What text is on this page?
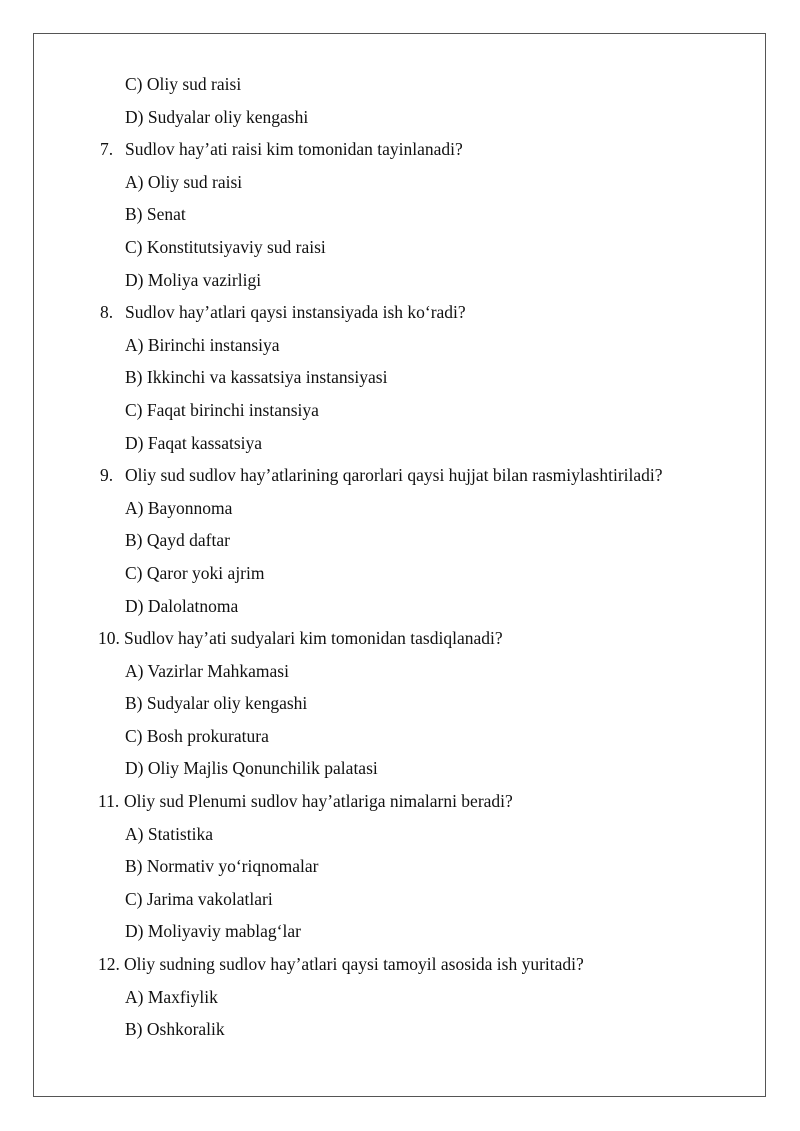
C) Oliy sud raisi
D) Sudyalar oliy kengashi
7. Sudlov hay’ati raisi kim tomonidan tayinlanadi?
A) Oliy sud raisi
B) Senat
C) Konstitutsiyaviy sud raisi
D) Moliya vazirligi
8. Sudlov hay’atlari qaysi instansiyada ish ko‘radi?
A) Birinchi instansiya
B) Ikkinchi va kassatsiya instansiyasi
C) Faqat birinchi instansiya
D) Faqat kassatsiya
9. Oliy sud sudlov hay’atlarining qarorlari qaysi hujjat bilan rasmiylashtiriladi?
A) Bayonnoma
B) Qayd daftar
C) Qaror yoki ajrim
D) Dalolatnoma
10. Sudlov hay’ati sudyalari kim tomonidan tasdiqlanadi?
A) Vazirlar Mahkamasi
B) Sudyalar oliy kengashi
C) Bosh prokuratura
D) Oliy Majlis Qonunchilik palatasi
11. Oliy sud Plenumi sudlov hay’atlariga nimalarni beradi?
A) Statistika
B) Normativ yo‘riqnomalar
C) Jarima vakolatlari
D) Moliyaviy mablag‘lar
12. Oliy sudning sudlov hay’atlari qaysi tamoyil asosida ish yuritadi?
A) Maxfiylik
B) Oshkoralik
